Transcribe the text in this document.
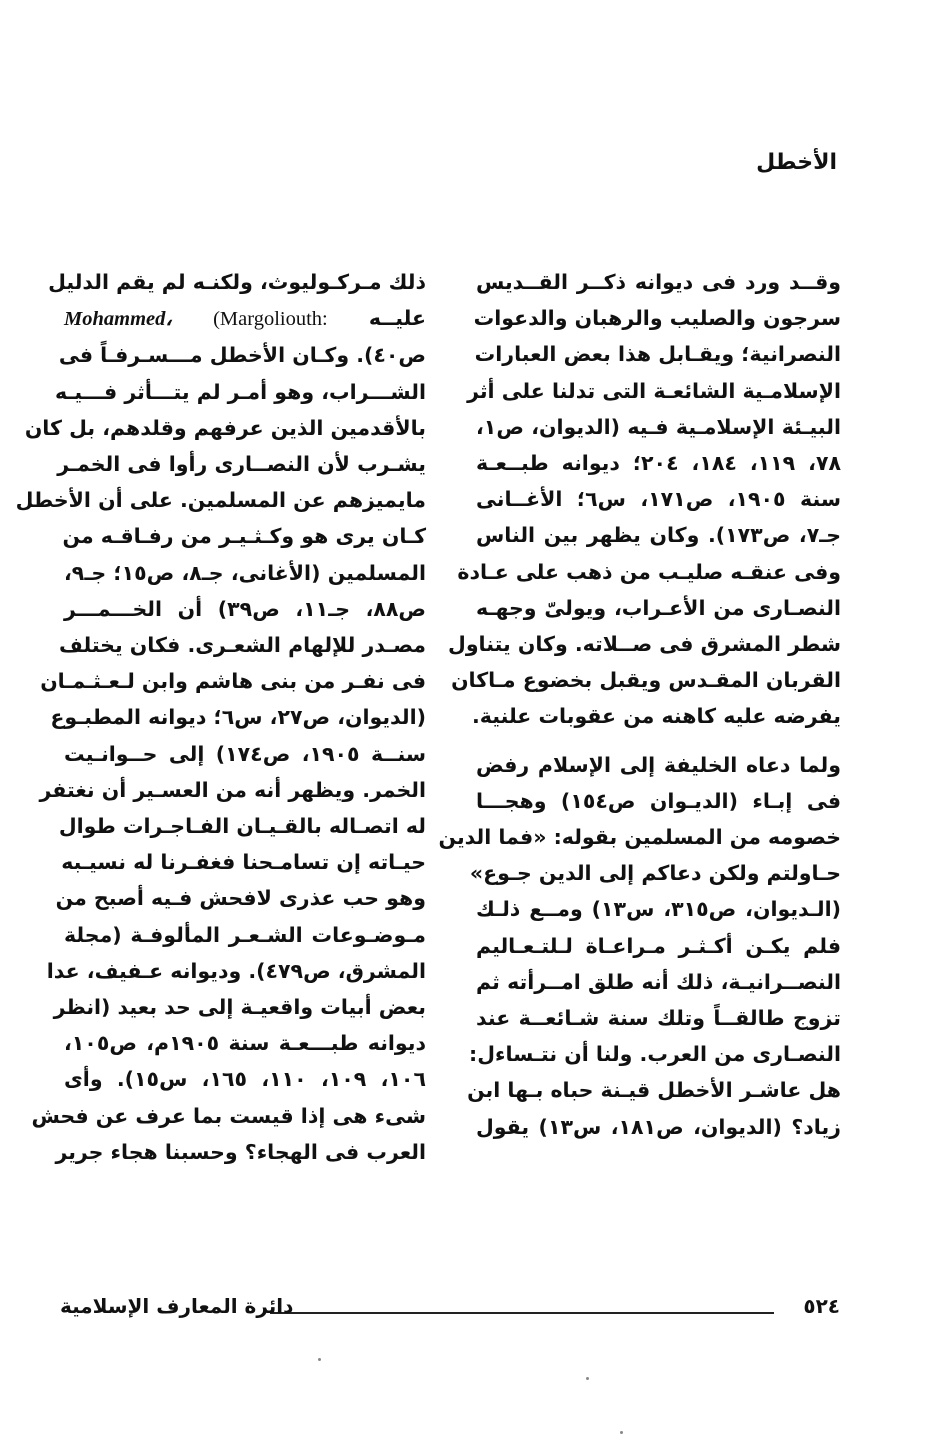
الأخطل
وقــد ورد فى ديوانه ذكــر القــديس
سرجون والصليب والرهبان والدعوات
النصرانية؛ ويقـابل هذا بعض العبارات
الإسلامـية الشائعـة التى تدلنا على أثر
البيـئة الإسلامـية فـيه (الديوان، ص١،
٧٨، ١١٩، ١٨٤، ٢٠٤؛ ديوانه طبــعـة
سنة ١٩٠٥، ص١٧١، س٦؛ الأغــانى
جـ٧، ص١٧٣). وكان يظهر بين الناس
وفى عنقـه صليـب من ذهب على عـادة
النصـارى من الأعـراب، ويولىّ وجهـه
شطر المشرق فى صــلاته. وكان يتناول
القربان المقـدس ويقبل بخضوع مـاكان
يفرضه عليه كاهنه من عقوبات علنية.
ولما دعاه الخليفة إلى الإسلام رفض
فى إبـاء (الديـوان ص١٥٤) وهجـــا
خصومه من المسلمين بقوله: «فما الدين
حـاولتم ولكن دعاكم إلى الدين جـوع»
(الـديوان، ص٣١٥، س١٣) ومــع ذلـك
فلم يكـن أكـثـر مـراعـاة لـلتـعـاليم
النصــرانيـة، ذلك أنه طلق امــرأته ثم
تزوج طالقــاً وتلك سنة شـائعــة عند
النصـارى من العرب. ولنا أن نتـساءل:
هل عاشـر الأخطل قيـنة حباه بـها ابن
زياد؟ (الديوان، ص١٨١، س١٣) يقول
ذلك مـركـوليوث، ولكنـه لم يقم الدليل
عليــه (Margoliouth: Mohammed،
ص٤٠). وكـان الأخطل مـــسـرفـاً فى
الشـــراب، وهو أمـر لم يتـــأثر فـــيـه
بالأقدمين الذين عرفهم وقلدهم، بل كان
يشـرب لأن النصــارى رأوا فى الخمـر
مايميزهم عن المسلمين. على أن الأخطل
كـان يرى هو وكـثـيـر من رفـاقـه من
المسلمين (الأغانى، جـ٨، ص١٥؛ جـ٩،
ص٨٨، جـ١١، ص٣٩) أن الخـــمـــر
مصـدر للإلهام الشعـرى. فكان يختلف
فى نفـر من بنى هاشم وابن لـعـثـمـان
(الديوان، ص٢٧، س٦؛ ديوانه المطبـوع
سنــة ١٩٠٥، ص١٧٤) إلى حــوانـيت
الخمر. ويظهر أنه من العسـير أن نغتفر
له اتصـاله بالقـيـان الفـاجـرات طوال
حيـاته إن تسامـحنا فغفـرنا له نسيـبه
وهو حب عذرى لافحش فـيه أصبح من
مـوضـوعات الشـعـر المألوفـة (مجلة
المشرق، ص٤٧٩). وديوانه عـفيف، عدا
بعض أبيات واقعيـة إلى حد بعيد (انظر
ديوانه طبـــعـة سنة ١٩٠٥م، ص١٠٥،
١٠٦، ١٠٩، ١١٠، ١٦٥، س١٥). وأى
شىء هى إذا قيست بما عرف عن فحش
العرب فى الهجاء؟ وحسبنا هجاء جرير
٥٢٤
دائرة المعارف الإسلامية
